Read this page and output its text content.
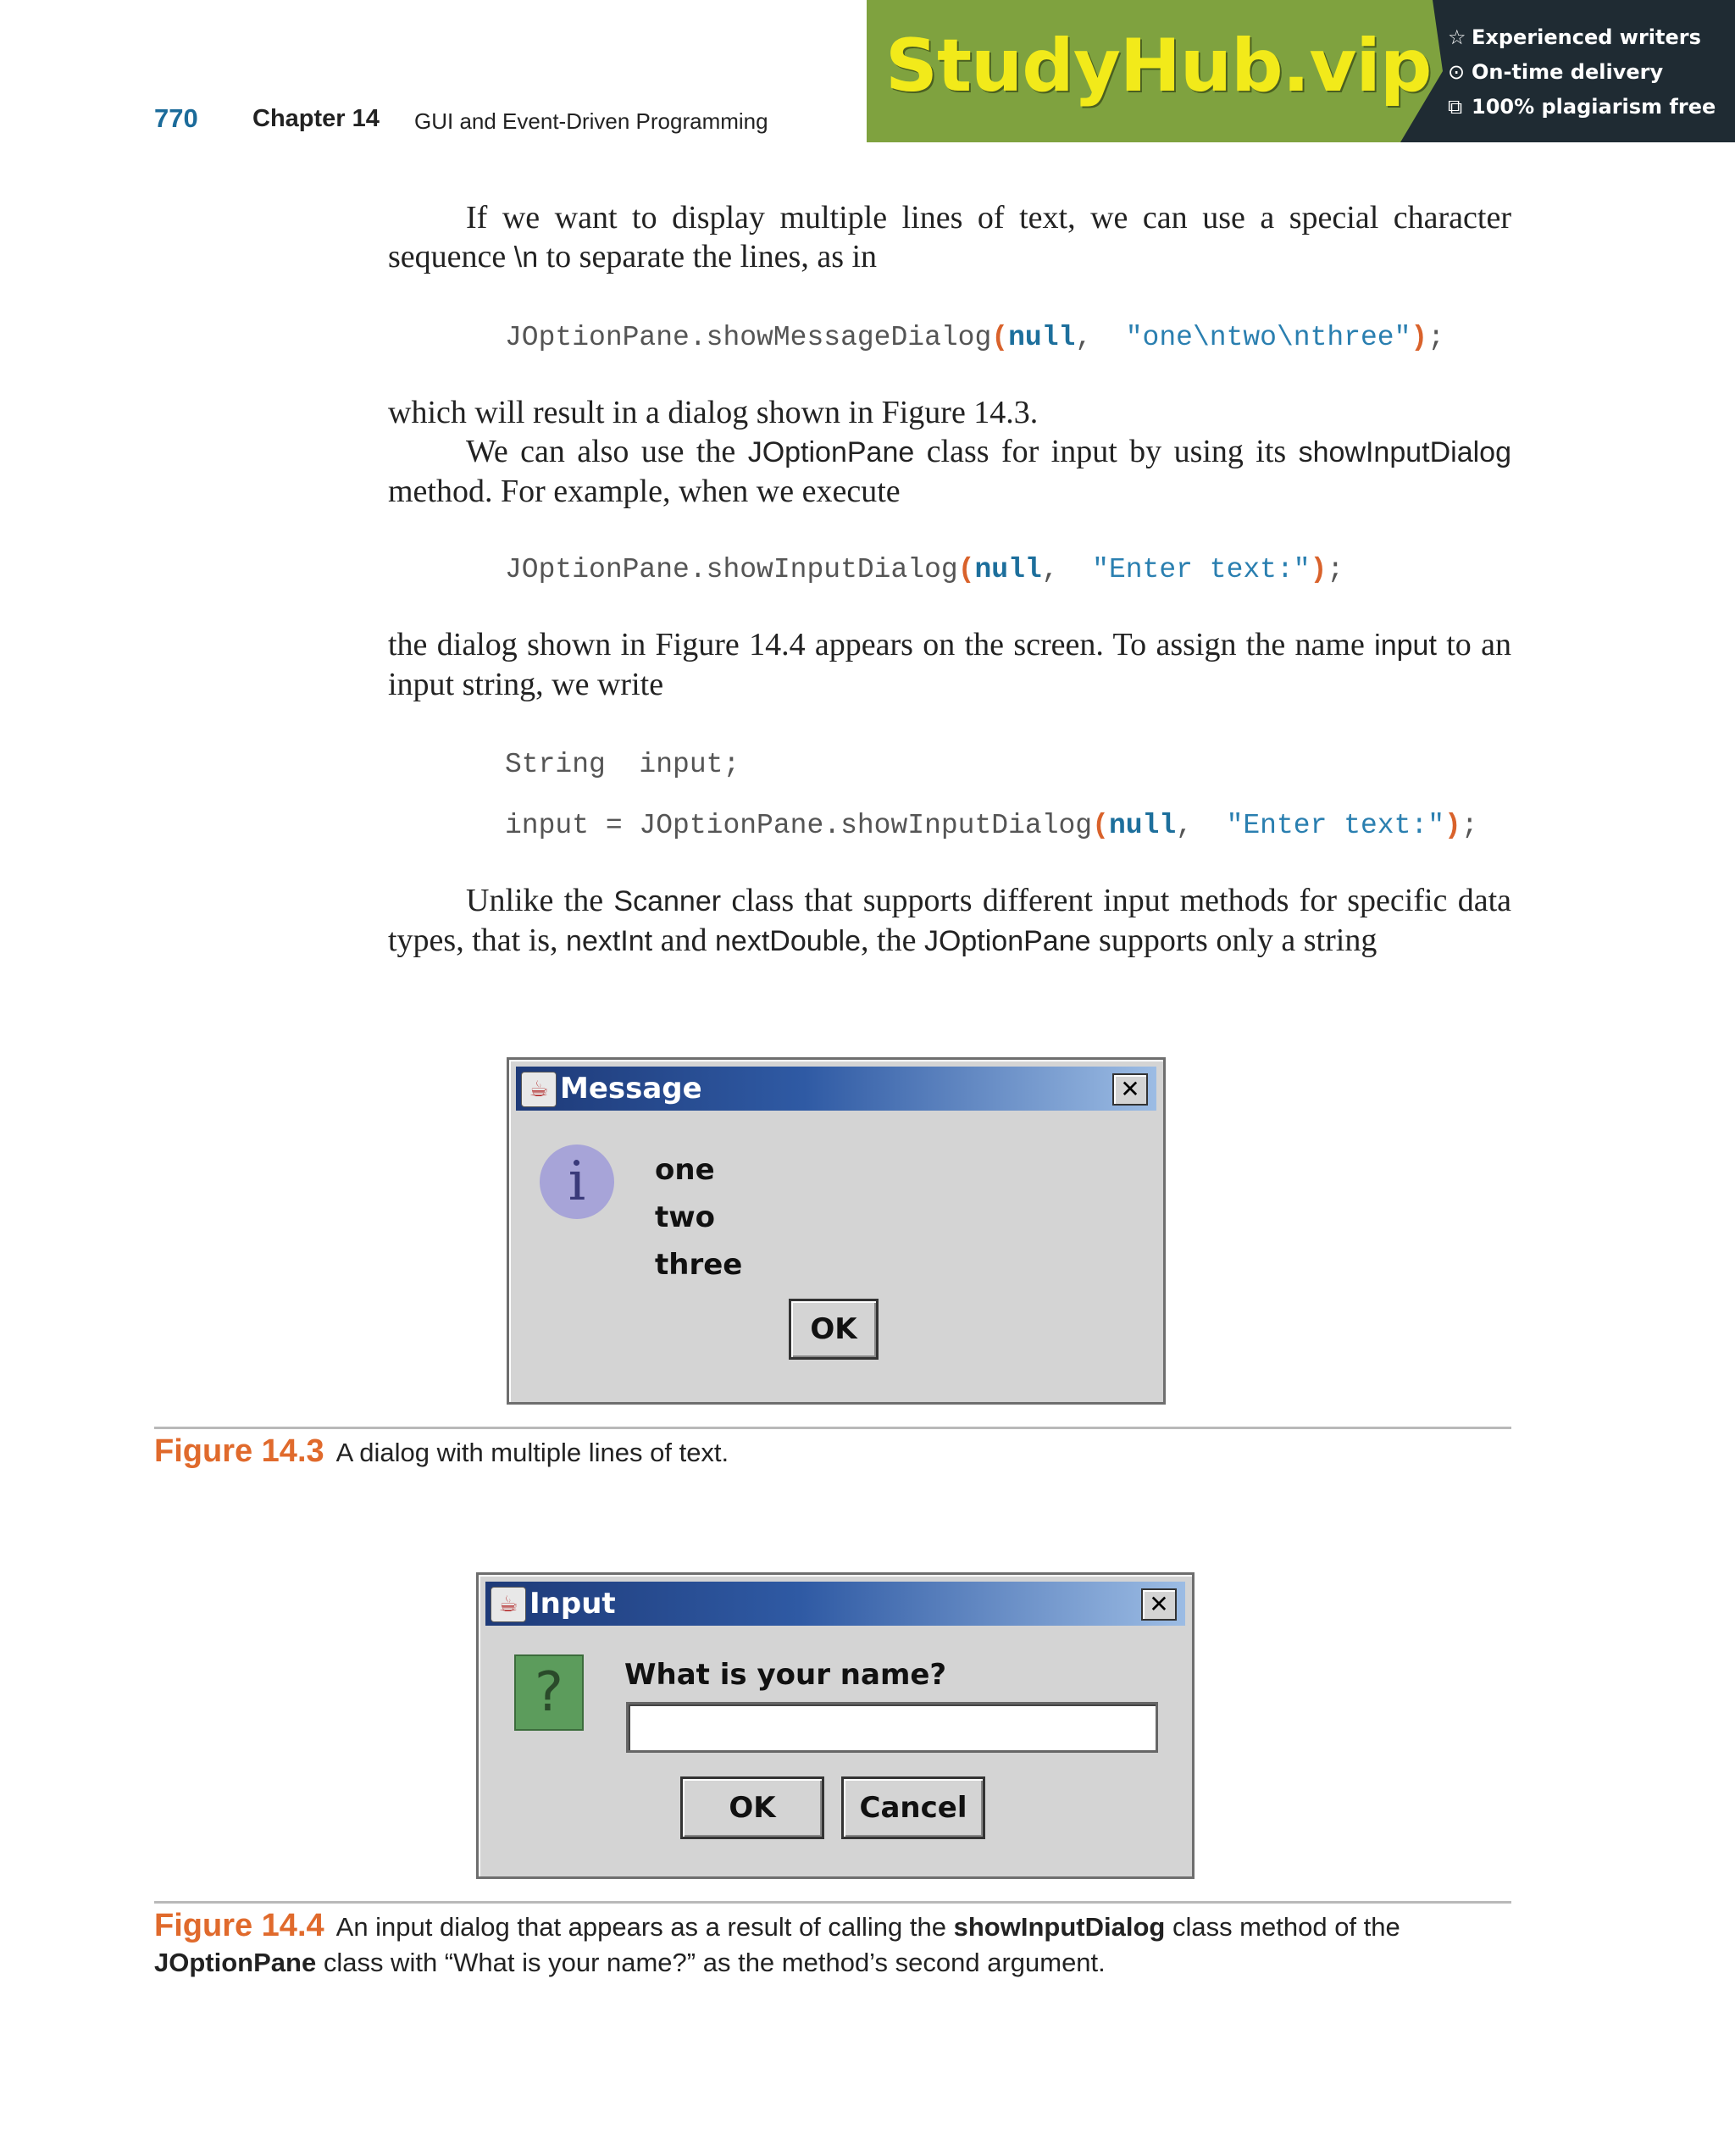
770 Chapter 14 GUI and Event-Driven Programming
StudyHub.vip ☆ Experienced writers
⊙ On-time delivery
⧉ 100% plagiarism free
If we want to display multiple lines of text, we can use a special character sequence \n to separate the lines, as in
JOptionPane.showMessageDialog(null,  "one\ntwo\nthree");
which will result in a dialog shown in Figure 14.3.
We can also use the JOptionPane class for input by using its showInputDialog method. For example, when we execute
JOptionPane.showInputDialog(null,  "Enter text:");
the dialog shown in Figure 14.4 appears on the screen. To assign the name input to an input string, we write
String  input;
input = JOptionPane.showInputDialog(null,  "Enter text:");
Unlike the Scanner class that supports different input methods for specific data types, that is, nextInt and nextDouble, the JOptionPane supports only a string
☕ Message	✕
i	one
two
three
OK
Figure 14.3 A dialog with multiple lines of text.
☕ Input	✕
?	What is your name?
OK	Cancel
Figure 14.4 An input dialog that appears as a result of calling the showInputDialog class method of the JOptionPane class with “What is your name?” as the method’s second argument.
